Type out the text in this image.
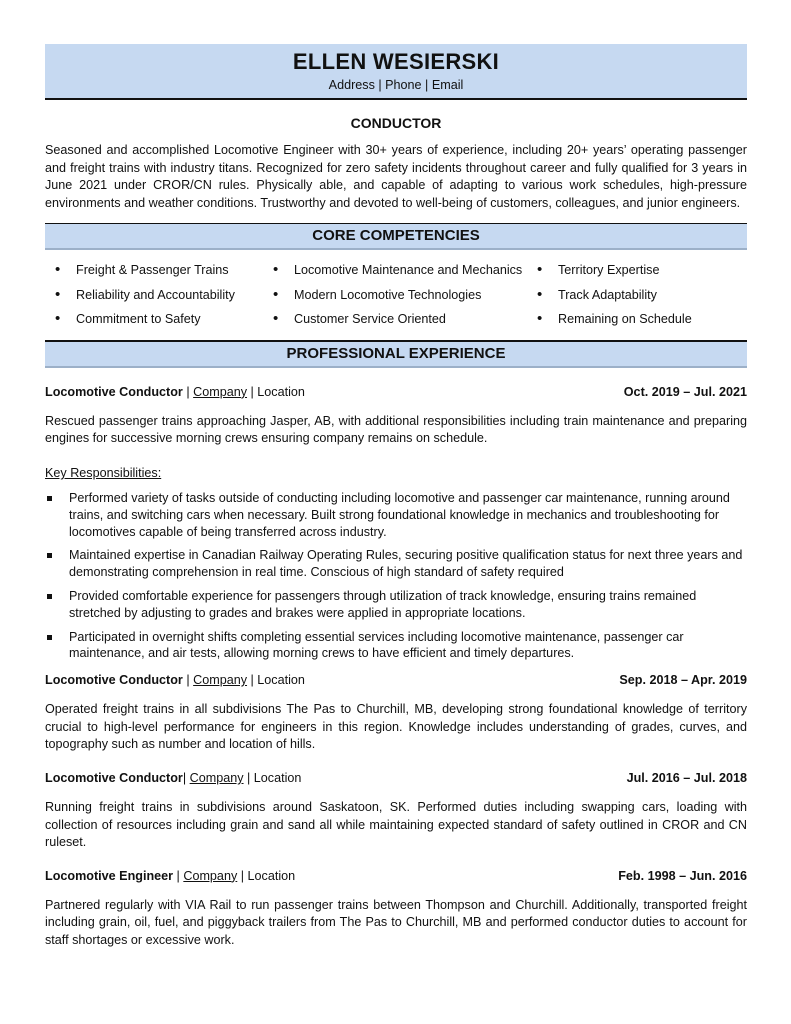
ELLEN WESIERSKI
Address | Phone | Email
CONDUCTOR

Seasoned and accomplished Locomotive Engineer with 30+ years of experience, including 20+ years’ operating passenger and freight trains with industry titans. Recognized for zero safety incidents throughout career and fully qualified for 3 years in June 2021 under CROR/CN rules. Physically able, and capable of adapting to various work schedules, high-pressure environments and weather conditions. Trustworthy and devoted to well-being of customers, colleagues, and junior engineers.

CORE COMPETENCIES
• Freight & Passenger Trains	• Locomotive Maintenance and Mechanics	• Territory Expertise
• Reliability and Accountability	• Modern Locomotive Technologies	• Track Adaptability
• Commitment to Safety	• Customer Service Oriented	• Remaining on Schedule
PROFESSIONAL EXPERIENCE
Locomotive Conductor | Company | Location	Oct. 2019 – Jul. 2021

Rescued passenger trains approaching Jasper, AB, with additional responsibilities including train maintenance and preparing engines for successive morning crews ensuring company remains on schedule.

Key Responsibilities:
Performed variety of tasks outside of conducting including locomotive and passenger car maintenance, running around trains, and switching cars when necessary. Built strong foundational knowledge in mechanics and troubleshooting for locomotives capable of being transferred across industry.
Maintained expertise in Canadian Railway Operating Rules, securing positive qualification status for next three years and demonstrating comprehension in real time. Conscious of high standard of safety required
Provided comfortable experience for passengers through utilization of track knowledge, ensuring trains remained stretched by adjusting to grades and brakes were applied in appropriate locations.
Participated in overnight shifts completing essential services including locomotive maintenance, passenger car maintenance, and air tests, allowing morning crews to have efficient and timely departures.
Locomotive Conductor | Company | Location	Sep. 2018 – Apr. 2019

Operated freight trains in all subdivisions The Pas to Churchill, MB, developing strong foundational knowledge of territory crucial to high-level performance for engineers in this region. Knowledge includes understanding of grades, curves, and topography such as number and location of hills.

Locomotive Conductor| Company | Location	Jul. 2016 – Jul. 2018

Running freight trains in subdivisions around Saskatoon, SK. Performed duties including swapping cars, loading with collection of resources including grain and sand all while maintaining expected standard of safety outlined in CROR and CN ruleset.

Locomotive Engineer | Company | Location	Feb. 1998 – Jun. 2016

Partnered regularly with VIA Rail to run passenger trains between Thompson and Churchill. Additionally, transported freight including grain, oil, fuel, and piggyback trailers from The Pas to Churchill, MB and performed conductor duties to account for staff shortages or excessive work.
